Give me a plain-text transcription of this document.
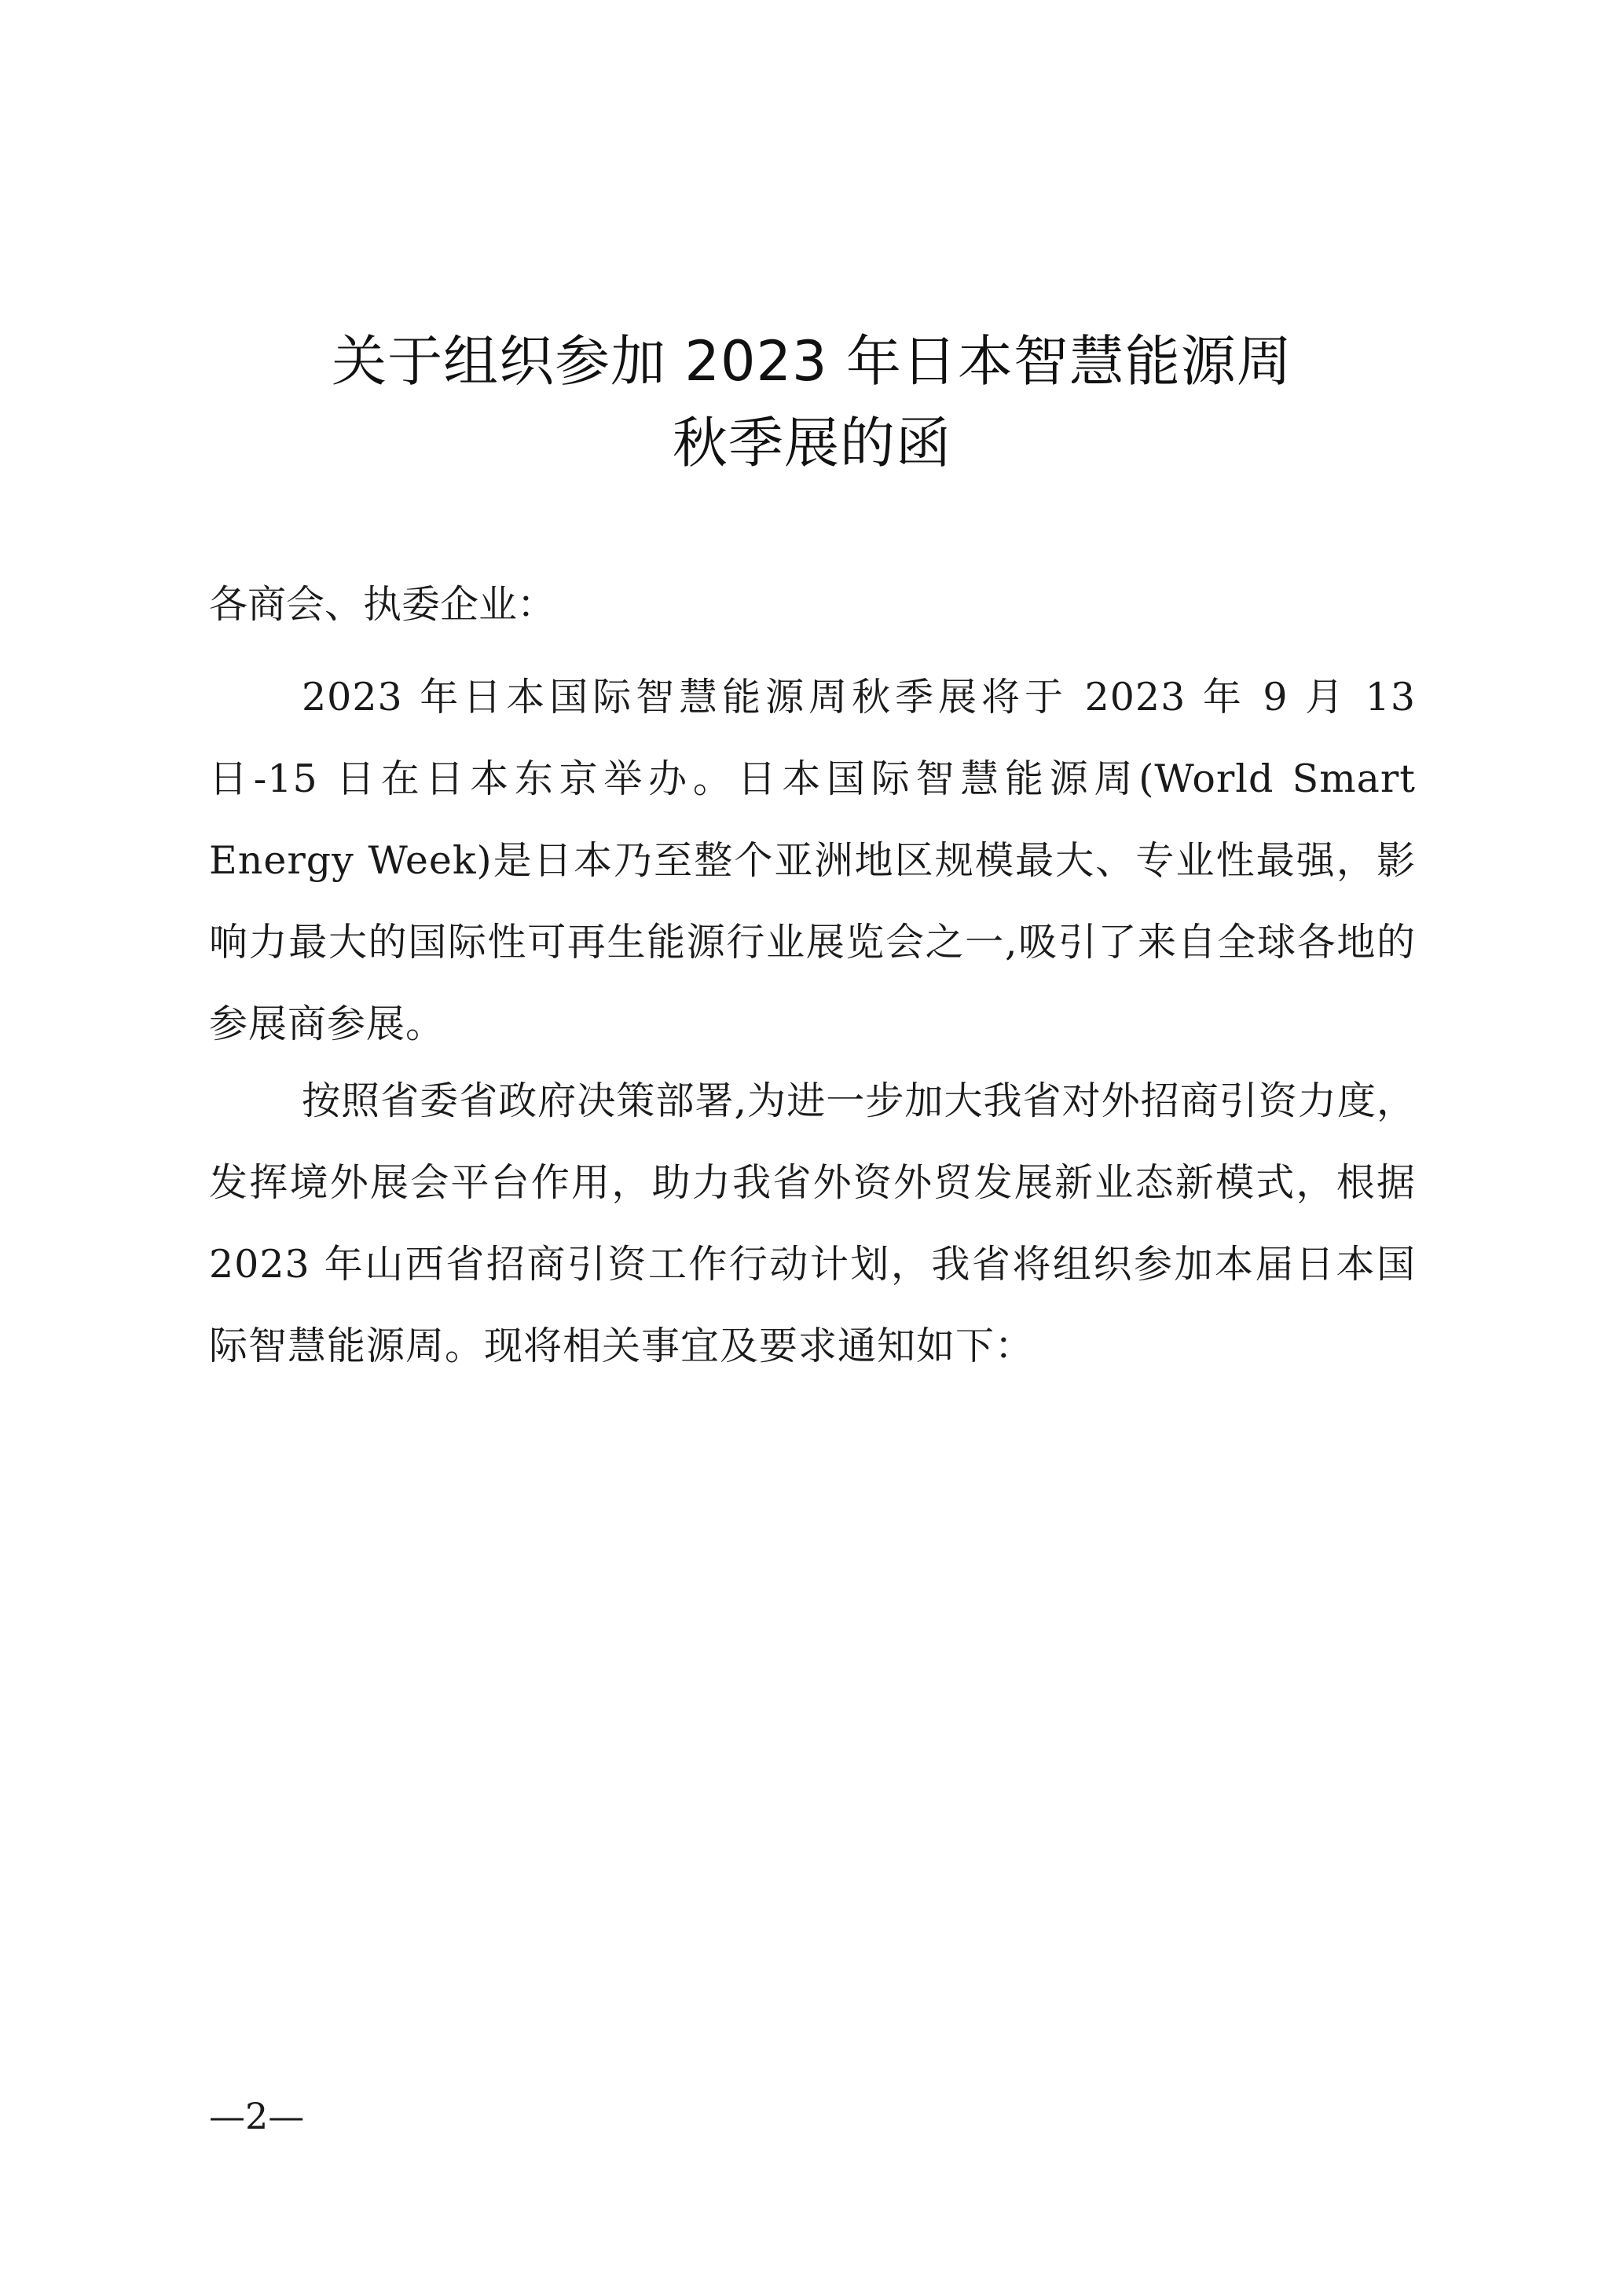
关于组织参加 2023 年日本智慧能源周
秋季展的函
各商会、执委企业：
2023 年日本国际智慧能源周秋季展将于 2023 年 9 月 13 日-15 日在日本东京举办。日本国际智慧能源周(World Smart Energy Week)是日本乃至整个亚洲地区规模最大、专业性最强，影响力最大的国际性可再生能源行业展览会之一,吸引了来自全球各地的参展商参展。
按照省委省政府决策部署,为进一步加大我省对外招商引资力度，发挥境外展会平台作用，助力我省外资外贸发展新业态新模式，根据2023 年山西省招商引资工作行动计划，我省将组织参加本届日本国际智慧能源周。现将相关事宜及要求通知如下：
—2—
